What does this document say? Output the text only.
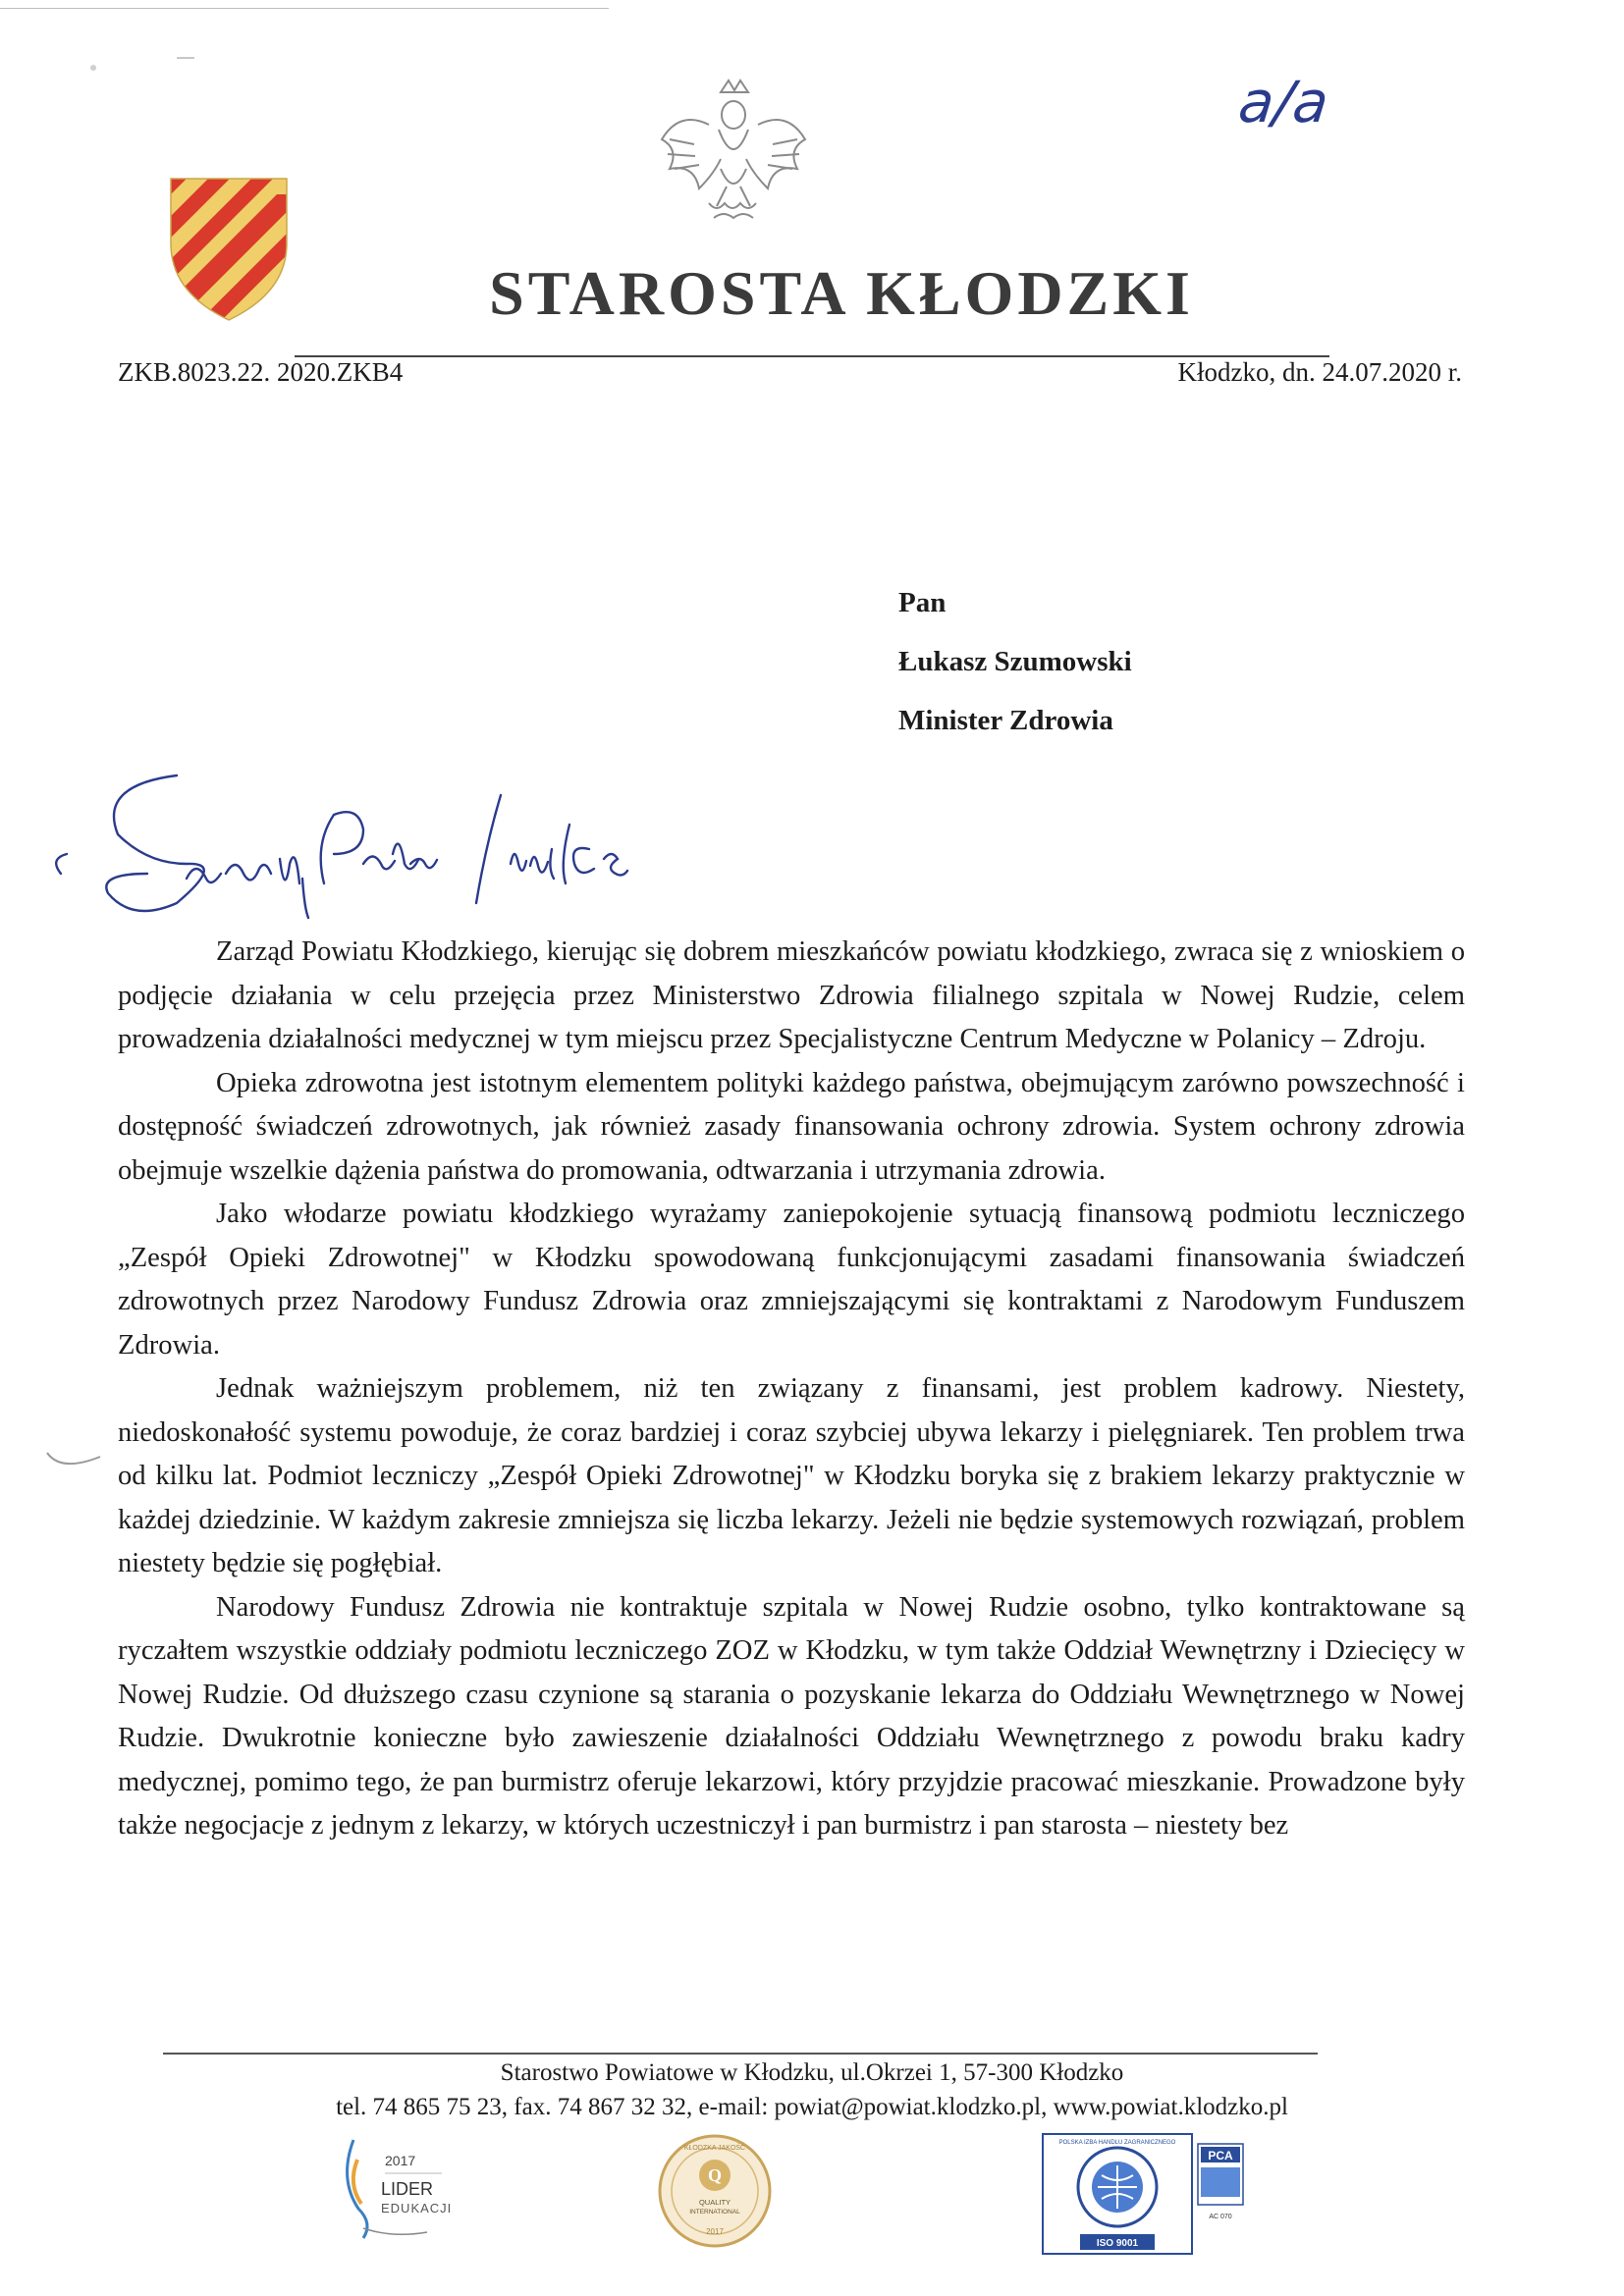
a/a
STAROSTA KŁODZKI
ZKB.8023.22. 2020.ZKB4	Kłodzko, dn. 24.07.2020 r.
Pan
Łukasz Szumowski
Minister Zdrowia

Zarząd Powiatu Kłodzkiego, kierując się dobrem mieszkańców powiatu kłodzkiego, zwraca się z wnioskiem o podjęcie działania w celu przejęcia przez Ministerstwo Zdrowia filialnego szpitala w Nowej Rudzie, celem prowadzenia działalności medycznej w tym miejscu przez Specjalistyczne Centrum Medyczne w Polanicy – Zdroju.

Opieka zdrowotna jest istotnym elementem polityki każdego państwa, obejmującym zarówno powszechność i dostępność świadczeń zdrowotnych, jak również zasady finansowania ochrony zdrowia. System ochrony zdrowia obejmuje wszelkie dążenia państwa do promowania, odtwarzania i utrzymania zdrowia.

Jako włodarze powiatu kłodzkiego wyrażamy zaniepokojenie sytuacją finansową podmiotu leczniczego „Zespół Opieki Zdrowotnej" w Kłodzku spowodowaną funkcjonującymi zasadami finansowania świadczeń zdrowotnych przez Narodowy Fundusz Zdrowia oraz zmniejszającymi się kontraktami z Narodowym Funduszem Zdrowia.

Jednak ważniejszym problemem, niż ten związany z finansami, jest problem kadrowy. Niestety, niedoskonałość systemu powoduje, że coraz bardziej i coraz szybciej ubywa lekarzy i pielęgniarek. Ten problem trwa od kilku lat. Podmiot leczniczy „Zespół Opieki Zdrowotnej" w Kłodzku boryka się z brakiem lekarzy praktycznie w każdej dziedzinie. W każdym zakresie zmniejsza się liczba lekarzy. Jeżeli nie będzie systemowych rozwiązań, problem niestety będzie się pogłębiał.

Narodowy Fundusz Zdrowia nie kontraktuje szpitala w Nowej Rudzie osobno, tylko kontraktowane są ryczałtem wszystkie oddziały podmiotu leczniczego ZOZ w Kłodzku, w tym także Oddział Wewnętrzny i Dziecięcy w Nowej Rudzie. Od dłuższego czasu czynione są starania o pozyskanie lekarza do Oddziału Wewnętrznego w Nowej Rudzie. Dwukrotnie konieczne było zawieszenie działalności Oddziału Wewnętrznego z powodu braku kadry medycznej, pomimo tego, że pan burmistrz oferuje lekarzowi, który przyjdzie pracować mieszkanie. Prowadzone były także negocjacje z jednym z lekarzy, w których uczestniczył i pan burmistrz i pan starosta – niestety bez

Starostwo Powiatowe w Kłodzku, ul.Okrzei 1, 57-300 Kłodzko
tel. 74 865 75 23, fax. 74 867 32 32, e-mail: powiat@powiat.klodzko.pl, www.powiat.klodzko.pl
2017
LIDER
EDUKACJI
Q
QUALITY
INTERNATIONAL
2017
KŁODZKA JAKOŚĆ
POLSKA IZBA HANDLU ZAGRANICZNEGO
ISO 9001
PCA
AC 070
